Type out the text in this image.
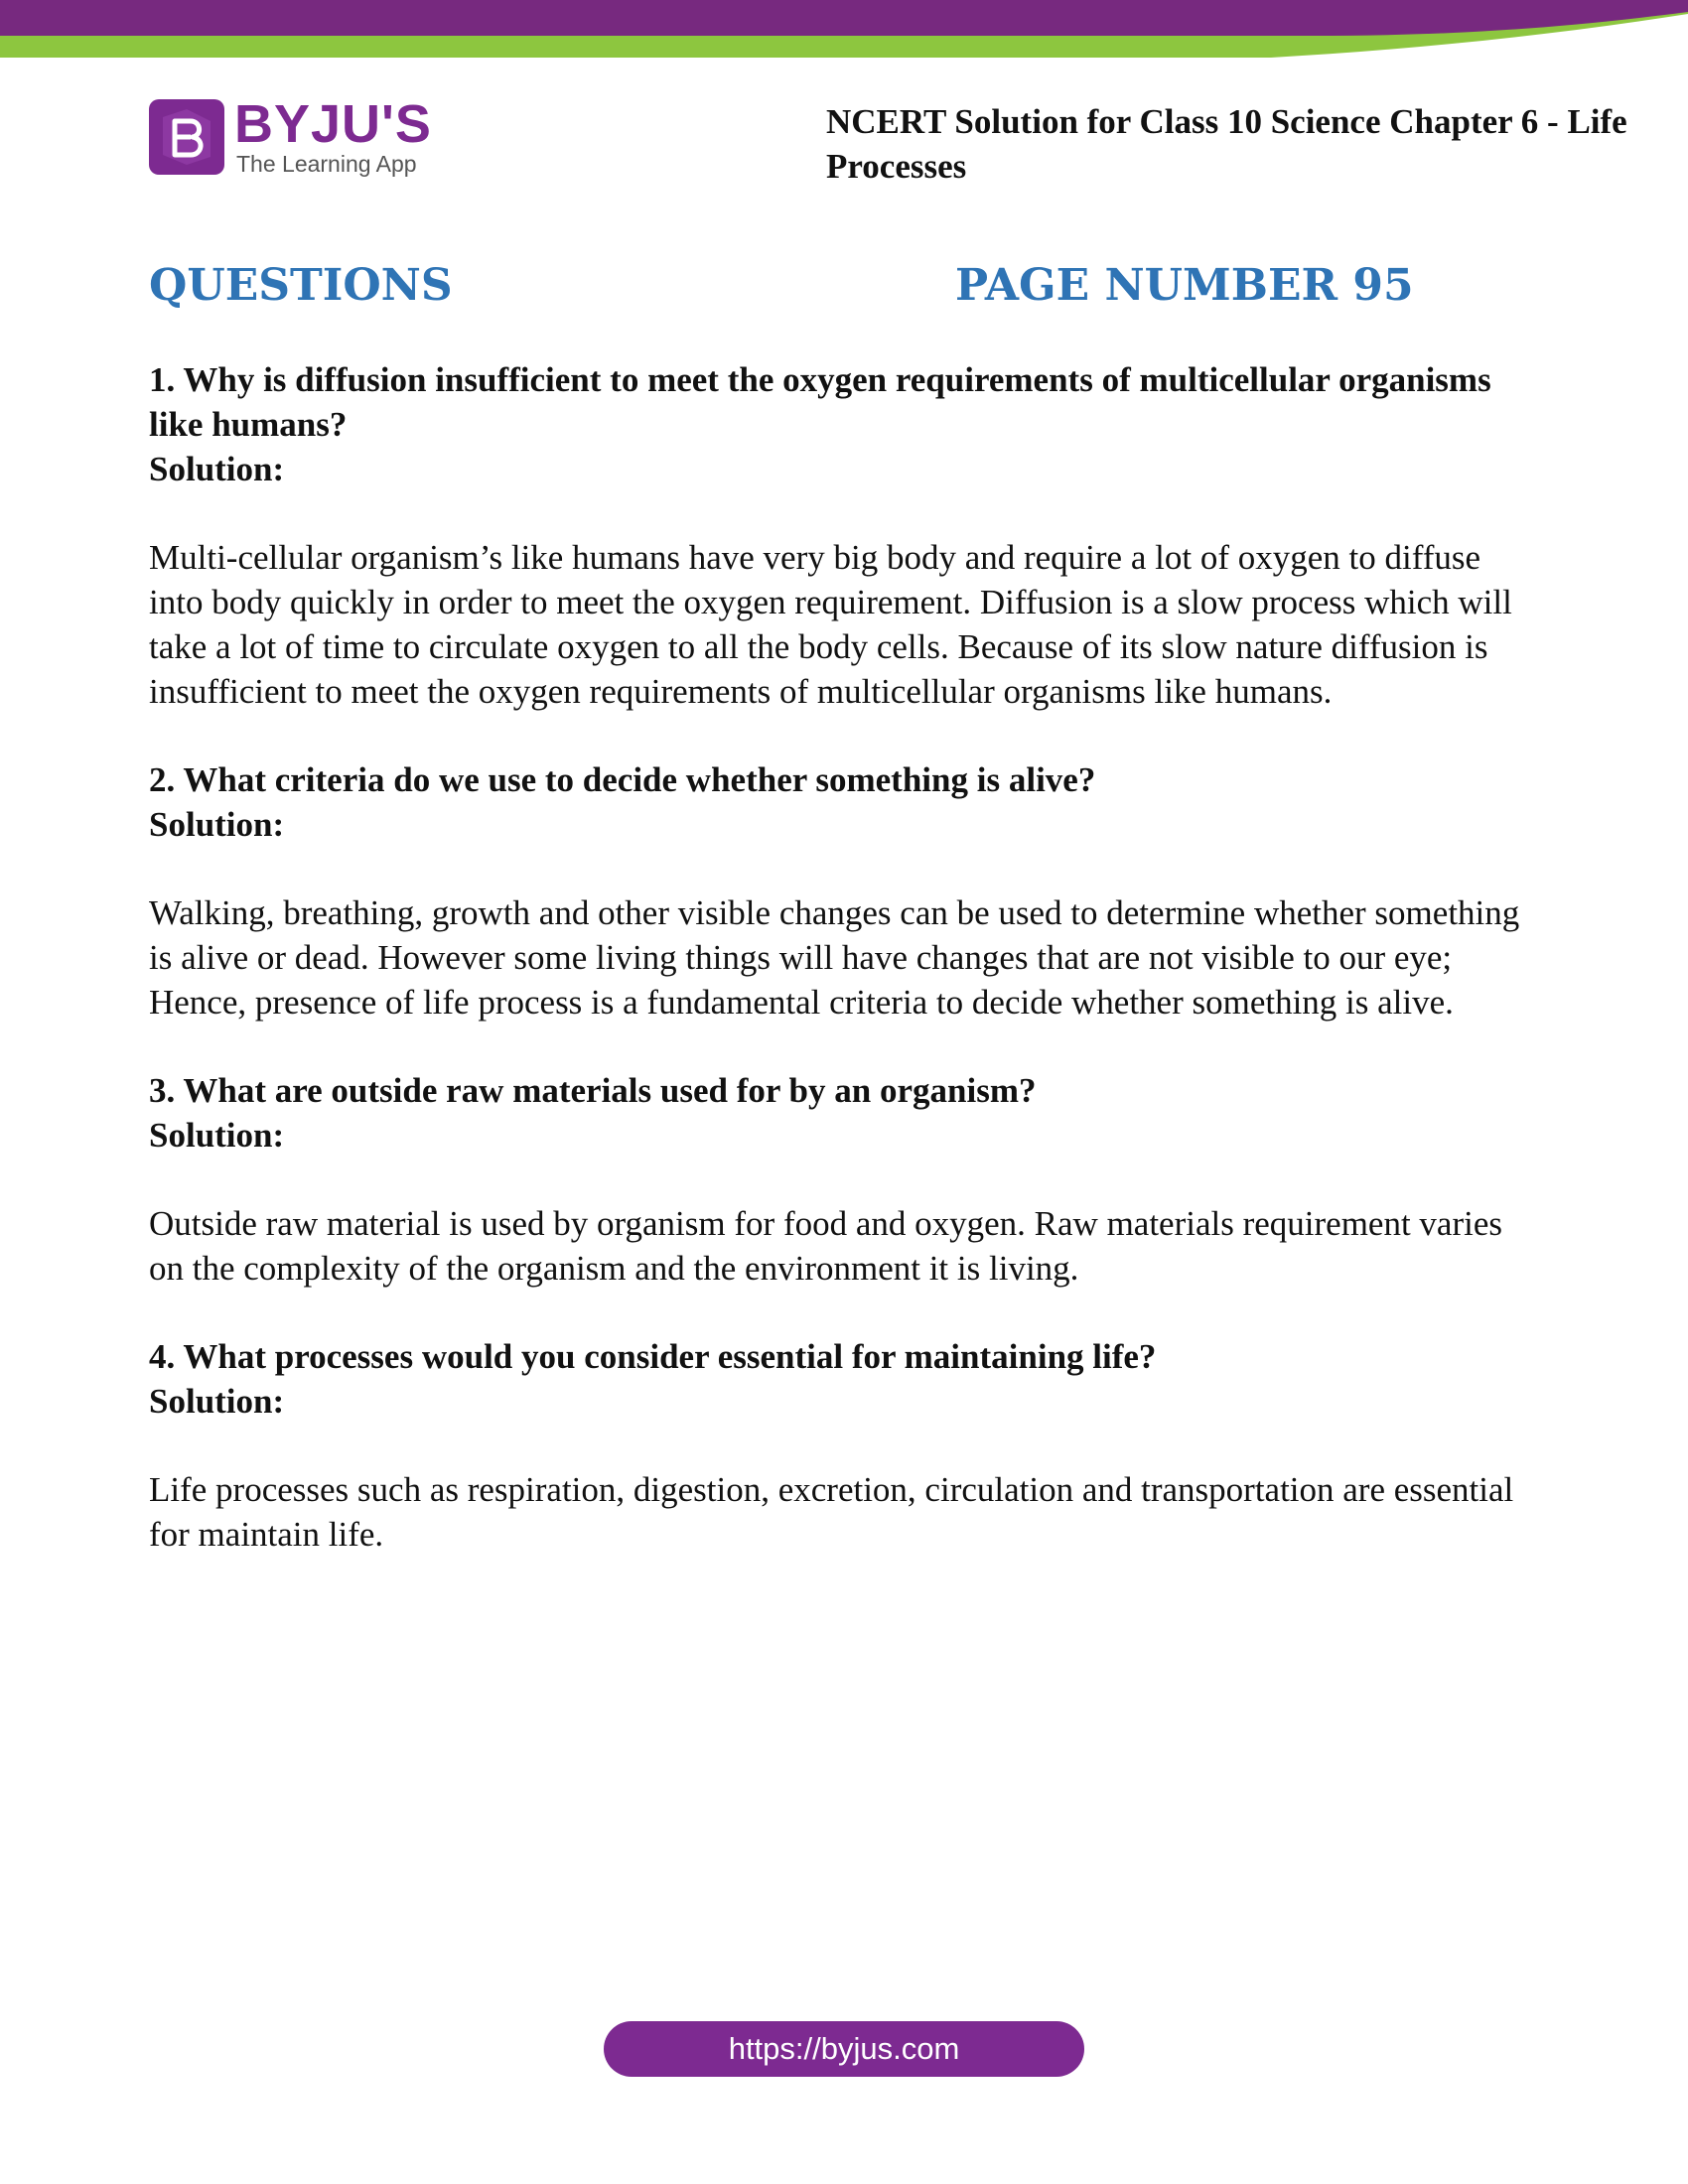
BYJU'S
The Learning App
NCERT Solution for Class 10 Science Chapter 6 - Life Processes
QUESTIONS	PAGE NUMBER 95

1. Why is diffusion insufficient to meet the oxygen requirements of multicellular organisms like humans?

Solution:

Multi-cellular organism’s like humans have very big body and require a lot of oxygen to diffuse into body quickly in order to meet the oxygen requirement. Diffusion is a slow process which will take a lot of time to circulate oxygen to all the body cells. Because of its slow nature diffusion is insufficient to meet the oxygen requirements of multicellular organisms like humans.

2. What criteria do we use to decide whether something is alive?

Solution:

Walking, breathing, growth and other visible changes can be used to determine whether something is alive or dead. However some living things will have changes that are not visible to our eye; Hence, presence of life process is a fundamental criteria to decide whether something is alive.

3. What are outside raw materials used for by an organism?

Solution:

Outside raw material is used by organism for food and oxygen. Raw materials requirement varies on the complexity of the organism and the environment it is living.

4. What processes would you consider essential for maintaining life?

Solution:

Life processes such as respiration, digestion, excretion, circulation and transportation are essential for maintain life.

https://byjus.com
